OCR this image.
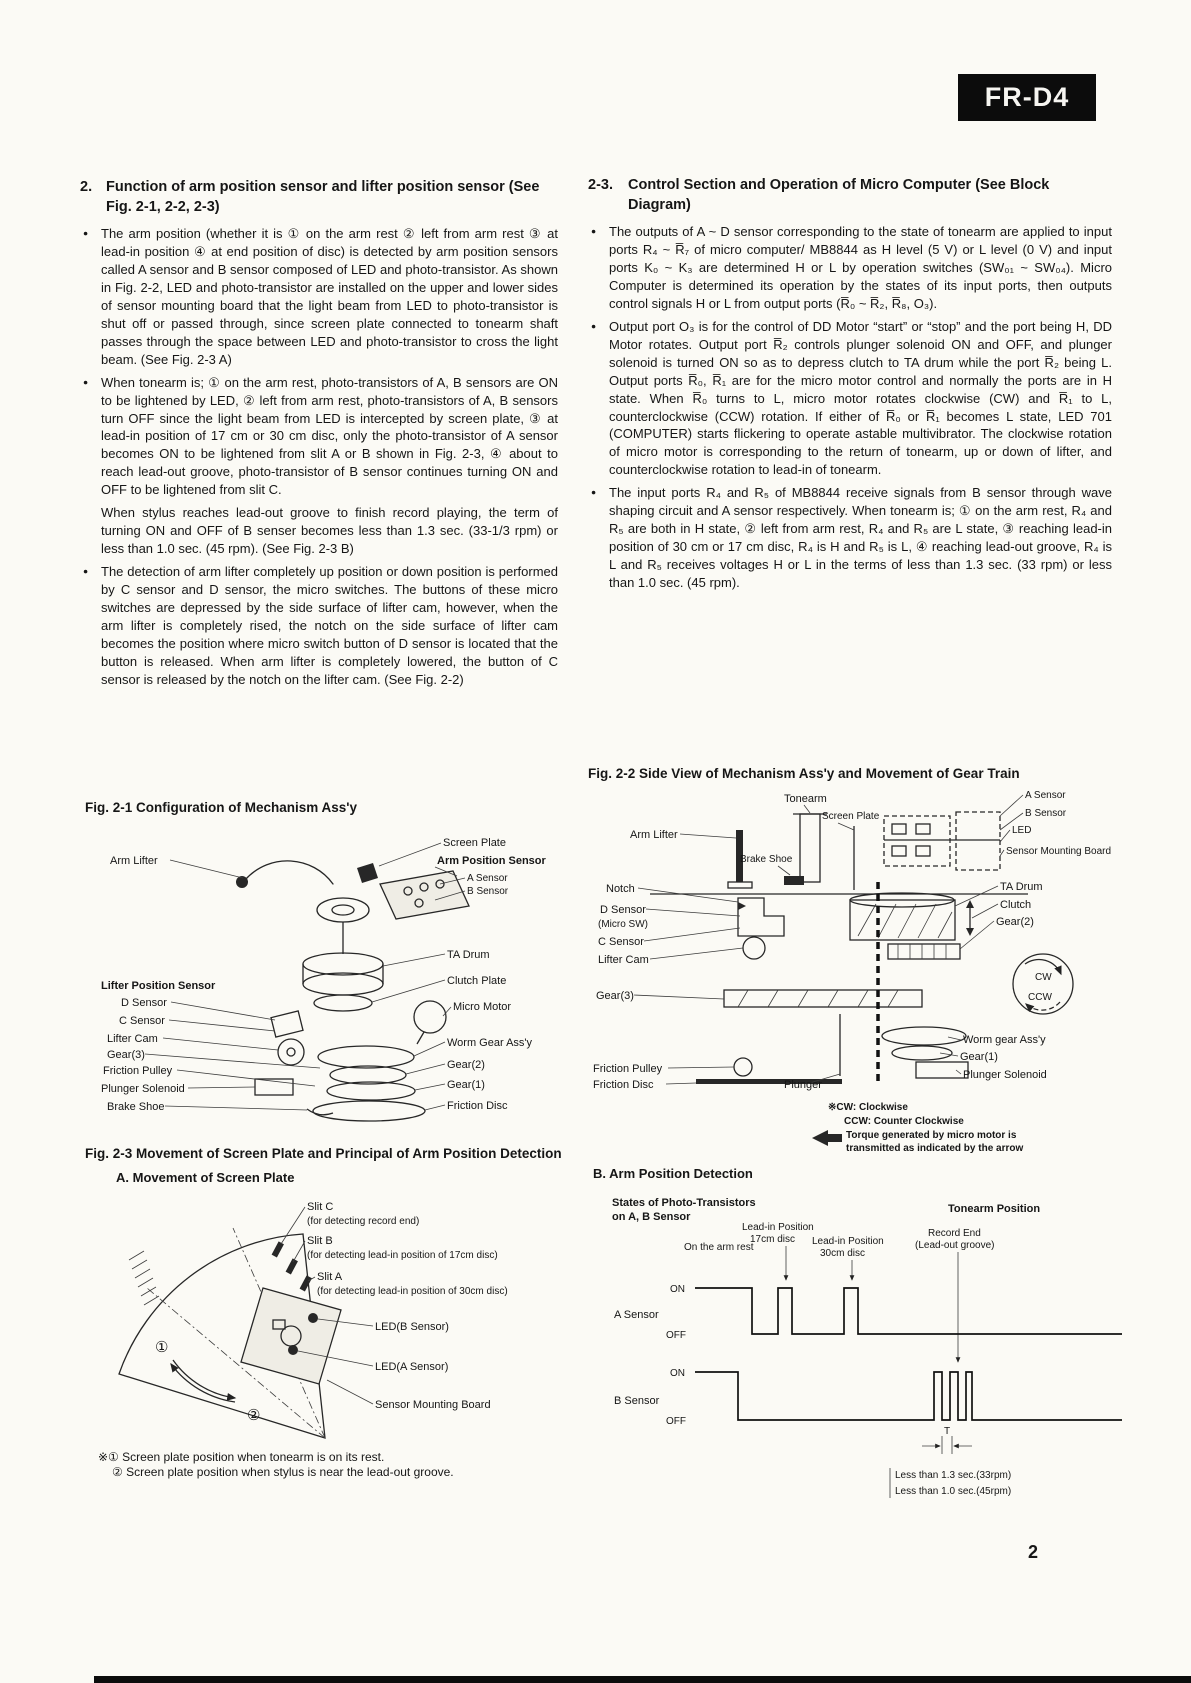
FR-D4
2. Function of arm position sensor and lifter position sensor (See Fig. 2-1, 2-2, 2-3)

● The arm position (whether it is ① on the arm rest ② left from arm rest ③ at lead-in position ④ at end position of disc) is detected by arm position sensors called A sensor and B sensor composed of LED and photo-transistor. As shown in Fig. 2-2, LED and photo-transistor are installed on the upper and lower sides of sensor mounting board that the light beam from LED to photo-transistor is shut off or passed through, since screen plate connected to tonearm shaft passes through the space between LED and photo-transistor to cross the light beam. (See Fig. 2-3 A)

● When tonearm is; ① on the arm rest, photo-transistors of A, B sensors are ON to be lightened by LED, ② left from arm rest, photo-transistors of A, B sensors turn OFF since the light beam from LED is intercepted by screen plate, ③ at lead-in position of 17 cm or 30 cm disc, only the photo-transistor of A sensor becomes ON to be lightened from slit A or B shown in Fig. 2-3, ④ about to reach lead-out groove, photo-transistor of B sensor continues turning ON and OFF to be lightened from slit C.

When stylus reaches lead-out groove to finish record playing, the term of turning ON and OFF of B senser becomes less than 1.3 sec. (33-1/3 rpm) or less than 1.0 sec. (45 rpm). (See Fig. 2-3 B)

● The detection of arm lifter completely up position or down position is performed by C sensor and D sensor, the micro switches. The buttons of these micro switches are depressed by the side surface of lifter cam, however, when the arm lifter is completely rised, the notch on the side surface of lifter cam becomes the position where micro switch button of D sensor is located that the button is released. When arm lifter is completely lowered, the button of C sensor is released by the notch on the lifter cam. (See Fig. 2-2)

2-3.	Control Section and Operation of Micro Computer (See Block Diagram)

● The outputs of A ~ D sensor corresponding to the state of tonearm are applied to input ports R₄ ~ R̅₇ of micro computer/ MB8844 as H level (5 V) or L level (0 V) and input ports K₀ ~ K₃ are determined H or L by operation switches (SW₀₁ ~ SW₀₄). Micro Computer is determined its operation by the states of its input ports, then outputs control signals H or L from output ports (R̅₀ ~ R̅₂, R̅₈, O₃).

● Output port O₃ is for the control of DD Motor “start” or “stop” and the port being H, DD Motor rotates. Output port R̅₂ controls plunger solenoid ON and OFF, and plunger solenoid is turned ON so as to depress clutch to TA drum while the port R̅₂ being L. Output ports R̅₀, R̅₁ are for the micro motor control and normally the ports are in H state. When R̅₀ turns to L, micro motor rotates clockwise (CW) and R̅₁ to L, counterclockwise (CCW) rotation. If either of R̅₀ or R̅₁ becomes L state, LED 701 (COMPUTER) starts flickering to operate astable multivibrator. The clockwise rotation of micro motor is corresponding to the return of tonearm, up or down of lifter, and counterclockwise rotation to lead-in of tonearm.

● The input ports R₄ and R₅ of MB8844 receive signals from B sensor through wave shaping circuit and A sensor respectively. When tonearm is; ① on the arm rest, R₄ and R₅ are both in H state, ② left from arm rest, R₄ and R₅ are L state, ③ reaching lead-in position of 30 cm or 17 cm disc, R₄ is H and R₅ is L, ④ reaching lead-out groove, R₄ is L and R₅ receives voltages H or L in the terms of less than 1.3 sec. (33 rpm) or less than 1.0 sec. (45 rpm).

Fig. 2-1 Configuration of Mechanism Ass'y
Arm Lifter
Screen Plate
Arm Position Sensor
A Sensor
B Sensor
TA Drum
Clutch Plate
Micro Motor
Lifter Position Sensor
D Sensor
C Sensor
Lifter Cam
Gear(3)
Friction Pulley
Plunger Solenoid
Brake Shoe
Worm Gear Ass'y
Gear(2)
Gear(1)
Friction Disc
Fig. 2-2 Side View of Mechanism Ass'y and Movement of Gear Train
Tonearm
Screen Plate
A Sensor
B Sensor
LED
Sensor Mounting Board
Arm Lifter
Brake Shoe
Notch
D Sensor
(Micro SW)
C Sensor
Lifter Cam
TA Drum
Clutch
Gear(2)
Gear(3)
Friction Pulley
Friction Disc	Plunger
Worm gear Ass'y
Gear(1)
Plunger Solenoid
CW
CCW
※CW: Clockwise
CCW: Counter Clockwise
Torque generated by micro motor is
transmitted as indicated by the arrow
Fig. 2-3 Movement of Screen Plate and Principal of Arm Position Detection
A. Movement of Screen Plate	B. Arm Position Detection
Slit C
(for detecting record end)
Slit B
(for detecting lead-in position of 17cm disc)
Slit A
(for detecting lead-in position of 30cm disc)
LED(B Sensor)
LED(A Sensor)
Sensor Mounting Board
①
②
※① Screen plate position when tonearm is on its rest.
② Screen plate position when stylus is near the lead-out groove.
States of Photo-Transistors
on A, B Sensor
Tonearm Position
On the arm rest
Lead-in Position
17cm disc Lead-in Position
30cm disc
Record End
(Lead-out groove)
A Sensor
ON
OFF
B Sensor
ON
OFF
T
Less than 1.3 sec.(33rpm)
Less than 1.0 sec.(45rpm)
2
